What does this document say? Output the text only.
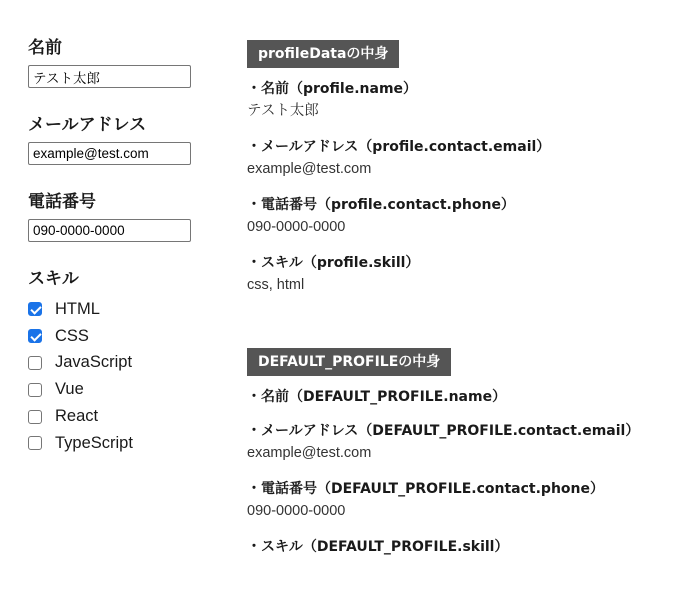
名前
テスト太郎
メールアドレス
example@test.com
電話番号
090-0000-0000
スキル
HTML
CSS
JavaScript
Vue
React
TypeScript
profileDataの中身
・名前（profile.name）
テスト太郎
・メールアドレス（profile.contact.email）
example@test.com
・電話番号（profile.contact.phone）
090-0000-0000
・スキル（profile.skill）
css, html
DEFAULT_PROFILEの中身
・名前（DEFAULT_PROFILE.name）
・メールアドレス（DEFAULT_PROFILE.contact.email）
example@test.com
・電話番号（DEFAULT_PROFILE.contact.phone）
090-0000-0000
・スキル（DEFAULT_PROFILE.skill）
